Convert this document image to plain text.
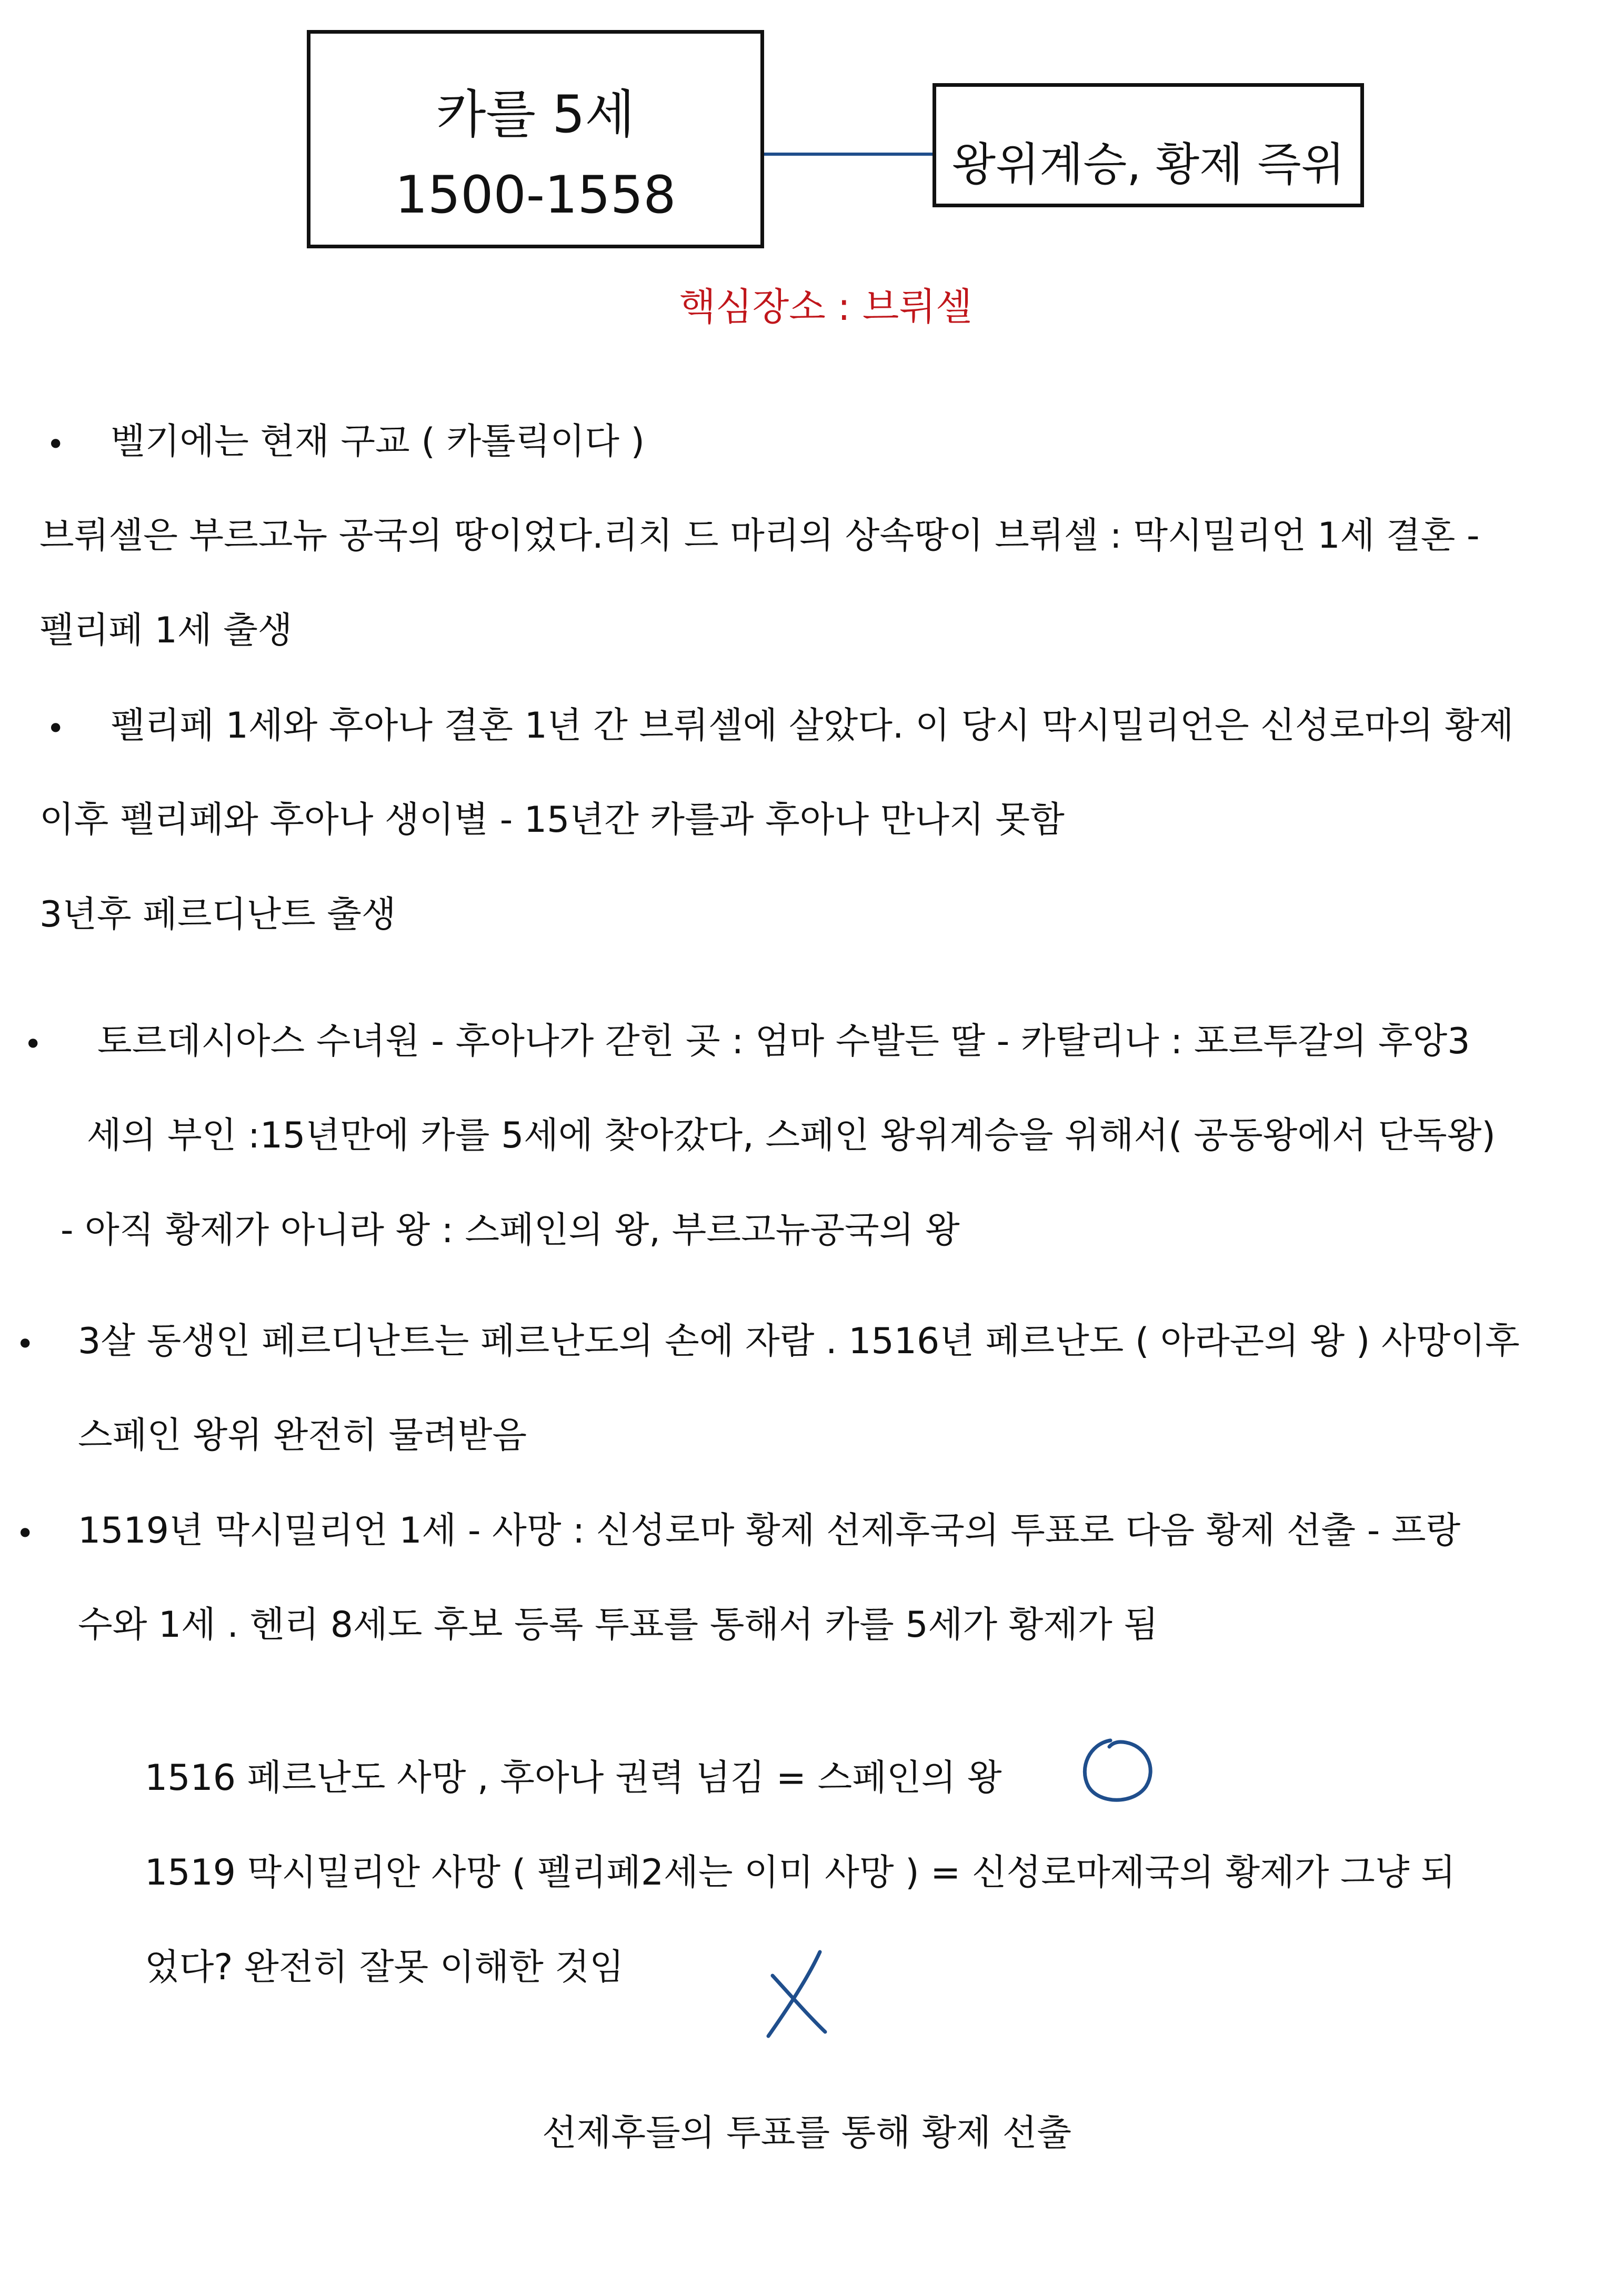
카를 5세
1500-1558
왕위계승, 황제 즉위
핵심장소 : 브뤼셀
• 벨기에는 현재 구교 ( 카톨릭이다 )
브뤼셀은 부르고뉴 공국의 땅이었다.리치 드 마리의 상속땅이 브뤼셀 : 막시밀리언 1세 결혼 -
펠리페 1세 출생
• 펠리페 1세와 후아나 결혼 1년 간 브뤼셀에 살았다. 이 당시 막시밀리언은 신성로마의 황제
이후 펠리페와 후아나 생이별 - 15년간 카를과 후아나 만나지 못함
3년후 페르디난트 출생
• 토르데시아스 수녀원 - 후아나가 갇힌 곳 : 엄마 수발든 딸 - 카탈리나 : 포르투갈의 후앙3
세의 부인 :15년만에 카를 5세에 찾아갔다, 스페인 왕위계승을 위해서( 공동왕에서 단독왕)
- 아직 황제가 아니라 왕 : 스페인의 왕, 부르고뉴공국의 왕
• 3살 동생인 페르디난트는 페르난도의 손에 자람 . 1516년 페르난도 ( 아라곤의 왕 ) 사망이후
스페인 왕위 완전히 물려받음
• 1519년 막시밀리언 1세 - 사망 : 신성로마 황제 선제후국의 투표로 다음 황제 선출 - 프랑
수와 1세 . 헨리 8세도 후보 등록 투표를 통해서 카를 5세가 황제가 됨
1516 페르난도 사망 , 후아나 권력 넘김 = 스페인의 왕
1519 막시밀리안 사망 ( 펠리페2세는 이미 사망 ) = 신성로마제국의 황제가 그냥 되
었다? 완전히 잘못 이해한 것임
선제후들의 투표를 통해 황제 선출
